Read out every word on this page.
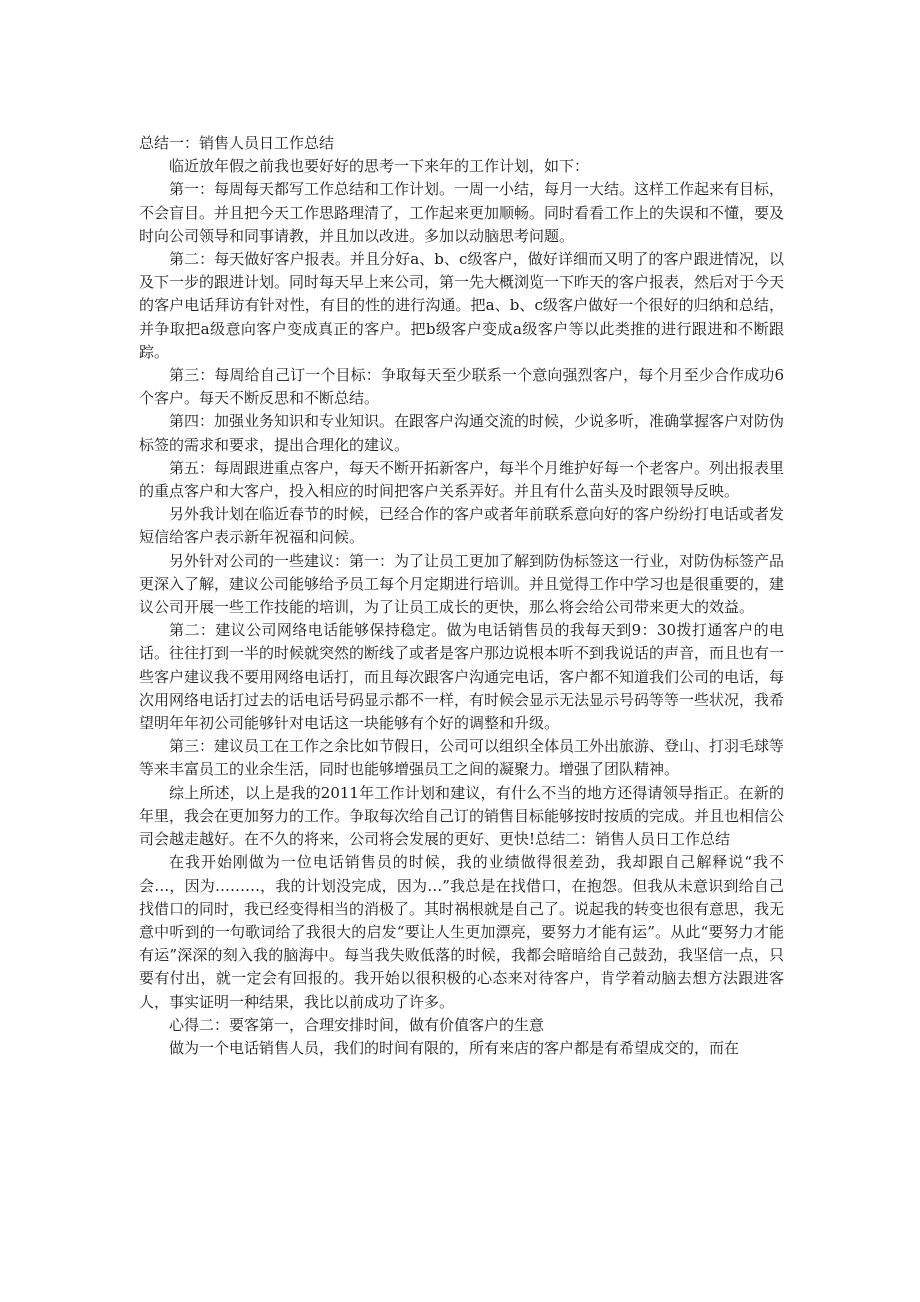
总结一：销售人员日工作总结

临近放年假之前我也要好好的思考一下来年的工作计划，如下：

第一：每周每天都写工作总结和工作计划。一周一小结，每月一大结。这样工作起来有目标，不会盲目。并且把今天工作思路理清了，工作起来更加顺畅。同时看看工作上的失误和不懂，要及时向公司领导和同事请教，并且加以改进。多加以动脑思考问题。

第二：每天做好客户报表。并且分好a、b、c级客户，做好详细而又明了的客户跟进情况，以及下一步的跟进计划。同时每天早上来公司，第一先大概浏览一下昨天的客户报表，然后对于今天的客户电话拜访有针对性，有目的性的进行沟通。把a、b、c级客户做好一个很好的归纳和总结，并争取把a级意向客户变成真正的客户。把b级客户变成a级客户等以此类推的进行跟进和不断跟踪。

第三：每周给自己订一个目标：争取每天至少联系一个意向强烈客户，每个月至少合作成功6个客户。每天不断反思和不断总结。

第四：加强业务知识和专业知识。在跟客户沟通交流的时候，少说多听，准确掌握客户对防伪标签的需求和要求，提出合理化的建议。

第五：每周跟进重点客户，每天不断开拓新客户，每半个月维护好每一个老客户。列出报表里的重点客户和大客户，投入相应的时间把客户关系弄好。并且有什么苗头及时跟领导反映。

另外我计划在临近春节的时候，已经合作的客户或者年前联系意向好的客户纷纷打电话或者发短信给客户表示新年祝福和问候。

另外针对公司的一些建议：第一：为了让员工更加了解到防伪标签这一行业，对防伪标签产品更深入了解，建议公司能够给予员工每个月定期进行培训。并且觉得工作中学习也是很重要的，建议公司开展一些工作技能的培训，为了让员工成长的更快，那么将会给公司带来更大的效益。

第二：建议公司网络电话能够保持稳定。做为电话销售员的我每天到9：30拨打通客户的电话。往往打到一半的时候就突然的断线了或者是客户那边说根本听不到我说话的声音，而且也有一些客户建议我不要用网络电话打，而且每次跟客户沟通完电话，客户都不知道我们公司的电话，每次用网络电话打过去的话电话号码显示都不一样，有时候会显示无法显示号码等等一些状况，我希望明年年初公司能够针对电话这一块能够有个好的调整和升级。

第三：建议员工在工作之余比如节假日，公司可以组织全体员工外出旅游、登山、打羽毛球等等来丰富员工的业余生活，同时也能够增强员工之间的凝聚力。增强了团队精神。

综上所述，以上是我的2011年工作计划和建议，有什么不当的地方还得请领导指正。在新的年里，我会在更加努力的工作。争取每次给自己订的销售目标能够按时按质的完成。并且也相信公司会越走越好。在不久的将来，公司将会发展的更好、更快!总结二：销售人员日工作总结

在我开始刚做为一位电话销售员的时候，我的业绩做得很差劲，我却跟自己解释说“我不会…，因为………，我的计划没完成，因为…”我总是在找借口，在抱怨。但我从未意识到给自己找借口的同时，我已经变得相当的消极了。其时祸根就是自己了。说起我的转变也很有意思，我无意中听到的一句歌词给了我很大的启发“要让人生更加漂亮，要努力才能有运”。从此“要努力才能有运”深深的刻入我的脑海中。每当我失败低落的时候，我都会暗暗给自己鼓劲，我坚信一点，只要有付出，就一定会有回报的。我开始以很积极的心态来对待客户，肯学着动脑去想方法跟进客人，事实证明一种结果，我比以前成功了许多。

心得二：要客第一，合理安排时间，做有价值客户的生意

做为一个电话销售人员，我们的时间有限的，所有来店的客户都是有希望成交的，而在
